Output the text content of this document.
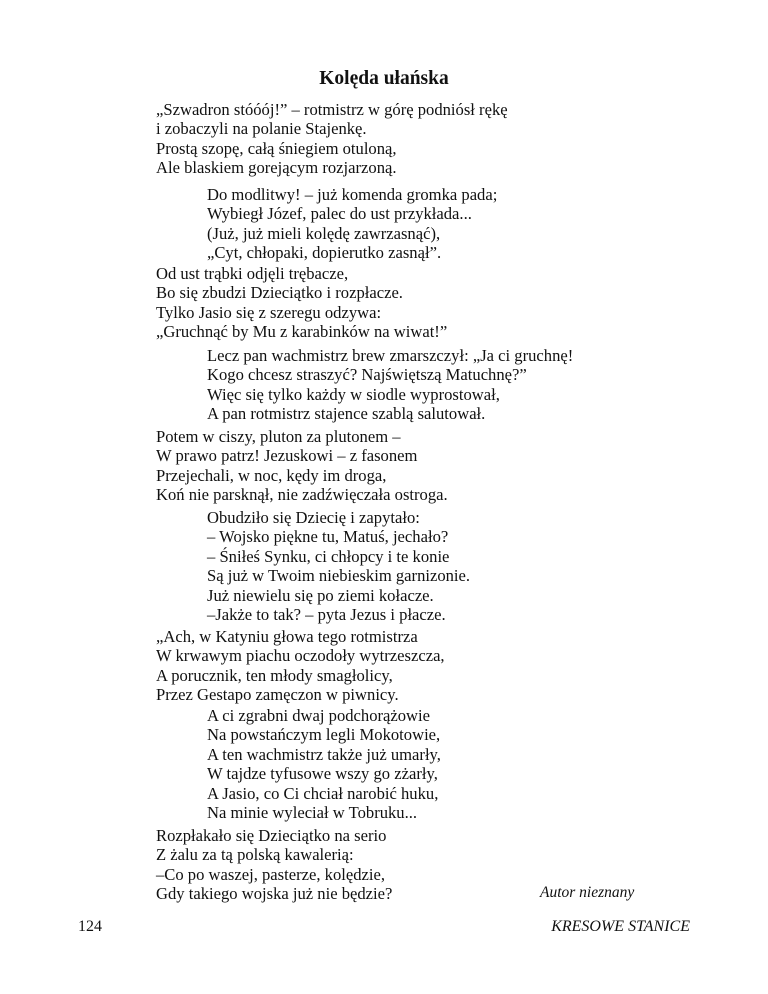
Kolęda ułańska
„Szwadron stóóój!” – rotmistrz w górę podniósł rękę
i zobaczyli na polanie Stajenkę.
Prostą szopę, całą śniegiem otuloną,
Ale blaskiem gorejącym rozjarzoną.
Do modlitwy! – już komenda gromka pada;
Wybiegł Józef, palec do ust przykłada...
(Już, już mieli kolędę zawrzasnąć),
„Cyt, chłopaki, dopierutko zasnął”.
Od ust trąbki odjęli trębacze,
Bo się zbudzi Dzieciątko i rozpłacze.
Tylko Jasio się z szeregu odzywa:
„Gruchnąć by Mu z karabinków na wiwat!”
Lecz pan wachmistrz brew zmarszczył: „Ja ci gruchnę!
Kogo chcesz straszyć? Najświętszą Matuchnę?”
Więc się tylko każdy w siodle wyprostował,
A pan rotmistrz stajence szablą salutował.
Potem w ciszy, pluton za plutonem –
W prawo patrz! Jezuskowi – z fasonem
Przejechali, w noc, kędy im droga,
Koń nie parsknął, nie zadźwięczała ostroga.
Obudziło się Dziecię i zapytało:
– Wojsko piękne tu, Matuś, jechało?
– Śniłeś Synku, ci chłopcy i te konie
Są już w Twoim niebieskim garnizonie.
Już niewielu się po ziemi kołacze.
–Jakże to tak? – pyta Jezus i płacze.
„Ach, w Katyniu głowa tego rotmistrza
W krwawym piachu oczodoły wytrzeszcza,
A porucznik, ten młody smagłolicy,
Przez Gestapo zamęczon w piwnicy.
A ci zgrabni dwaj podchorążowie
Na powstańczym legli Mokotowie,
A ten wachmistrz także już umarły,
W tajdze tyfusowe wszy go zżarły,
A Jasio, co Ci chciał narobić huku,
Na minie wyleciał w Tobruku...
Rozpłakało się Dzieciątko na serio
Z żalu za tą polską kawalerią:
–Co po waszej, pasterze, kolędzie,
Gdy takiego wojska już nie będzie?	Autor nieznany
124	KRESOWE STANICE
